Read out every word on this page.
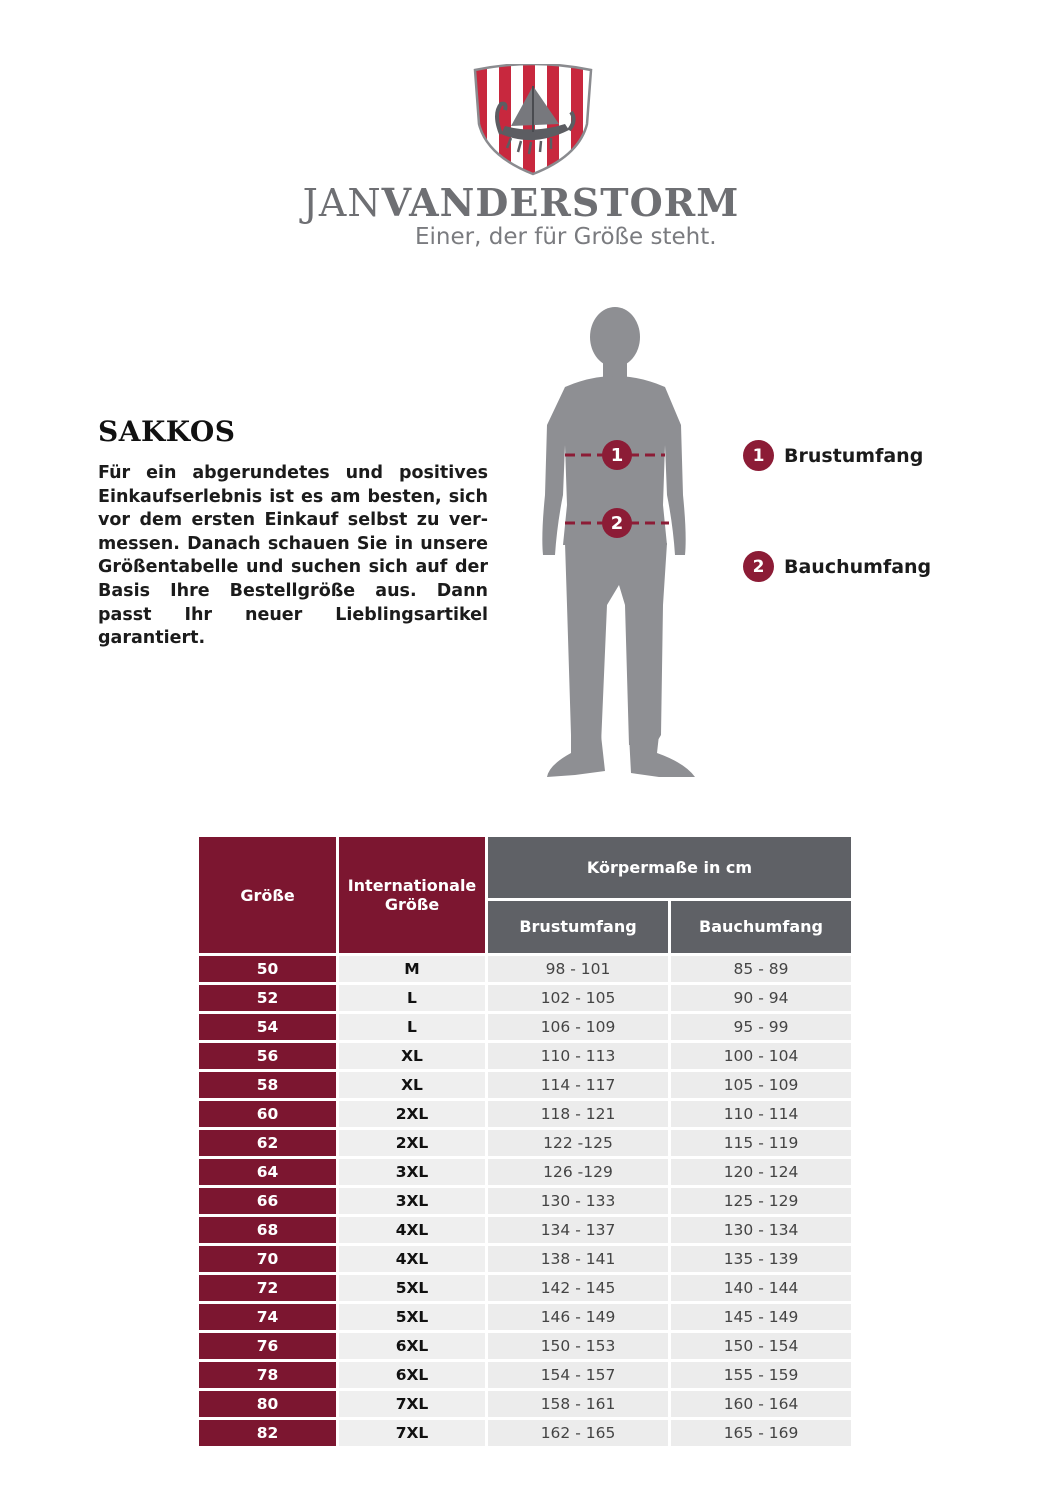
JANVANDERSTORM
Einer, der für Größe steht.
SAKKOS
Für ein abgerundetes und positives Einkaufserlebnis ist es am besten, sich vor dem ersten Einkauf selbst zu ver-messen. Danach schauen Sie in unsere Größentabelle und suchen sich auf der Basis Ihre Bestellgröße aus. Dann passt Ihr neuer Lieblingsartikel garantiert.
1
2
1	Brustumfang
2	Bauchumfang
Größe	Internationale Größe	Körpermaße in cm	
		Brustumfang	Bauchumfang
50	M	98 - 101	85 - 89
52	L	102 - 105	90 - 94
54	L	106 - 109	95 - 99
56	XL	110 - 113	100 - 104
58	XL	114 - 117	105 - 109
60	2XL	118 - 121	110 - 114
62	2XL	122 -125	115 - 119
64	3XL	126 -129	120 - 124
66	3XL	130 - 133	125 - 129
68	4XL	134 - 137	130 - 134
70	4XL	138 - 141	135 - 139
72	5XL	142 - 145	140 - 144
74	5XL	146 - 149	145 - 149
76	6XL	150 - 153	150 - 154
78	6XL	154 - 157	155 - 159
80	7XL	158 - 161	160 - 164
82	7XL	162 - 165	165 - 169
